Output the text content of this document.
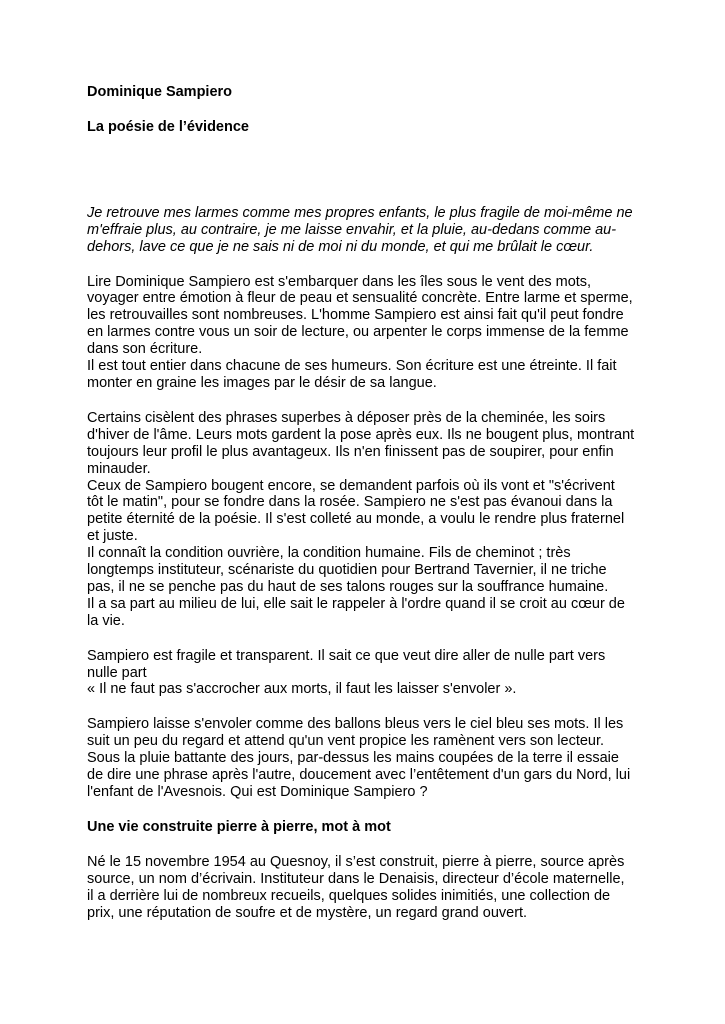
Dominique Sampiero

La poésie de l’évidence

Je retrouve mes larmes comme mes propres enfants, le plus fragile de moi-même ne
m'effraie plus, au contraire, je me laisse envahir, et la pluie, au-dedans comme au-
dehors, lave ce que je ne sais ni de moi ni du monde, et qui me brûlait le cœur.

Lire Dominique Sampiero est s'embarquer dans les îles sous le vent des mots,
voyager entre émotion à fleur de peau et sensualité concrète. Entre larme et sperme,
les retrouvailles sont nombreuses. L'homme Sampiero est ainsi fait qu'il peut fondre
en larmes contre vous un soir de lecture, ou arpenter le corps immense de la femme
dans son écriture.
Il est tout entier dans chacune de ses humeurs. Son écriture est une étreinte. Il fait
monter en graine les images par le désir de sa langue.

Certains cisèlent des phrases superbes à déposer près de la cheminée, les soirs
d'hiver de l'âme. Leurs mots gardent la pose après eux. Ils ne bougent plus, montrant
toujours leur profil le plus avantageux. Ils n'en finissent pas de soupirer, pour enfin
minauder.
Ceux de Sampiero bougent encore, se demandent parfois où ils vont et "s'écrivent
tôt le matin", pour se fondre dans la rosée. Sampiero ne s'est pas évanoui dans la
petite éternité de la poésie. Il s'est colleté au monde, a voulu le rendre plus fraternel
et juste.
Il connaît la condition ouvrière, la condition humaine. Fils de cheminot ; très
longtemps instituteur, scénariste du quotidien pour Bertrand Tavernier, il ne triche
pas, il ne se penche pas du haut de ses talons rouges sur la souffrance humaine.
Il a sa part au milieu de lui, elle sait le rappeler à l'ordre quand il se croit au cœur de
la vie.

Sampiero est fragile et transparent. Il sait ce que veut dire aller de nulle part vers
nulle part
« Il ne faut pas s'accrocher aux morts, il faut les laisser s'envoler ».

Sampiero laisse s'envoler comme des ballons bleus vers le ciel bleu ses mots. Il les
suit un peu du regard et attend qu'un vent propice les ramènent vers son lecteur.
Sous la pluie battante des jours, par-dessus les mains coupées de la terre il essaie
de dire une phrase après l'autre, doucement avec l’entêtement d'un gars du Nord, lui
l'enfant de l'Avesnois. Qui est Dominique Sampiero ?

Une vie construite pierre à pierre, mot à mot

Né le 15 novembre 1954 au Quesnoy, il s’est construit, pierre à pierre, source après
source, un nom d’écrivain. Instituteur dans le Denaisis, directeur d’école maternelle,
il a derrière lui de nombreux recueils, quelques solides inimitiés, une collection de
prix, une réputation de soufre et de mystère, un regard grand ouvert.
